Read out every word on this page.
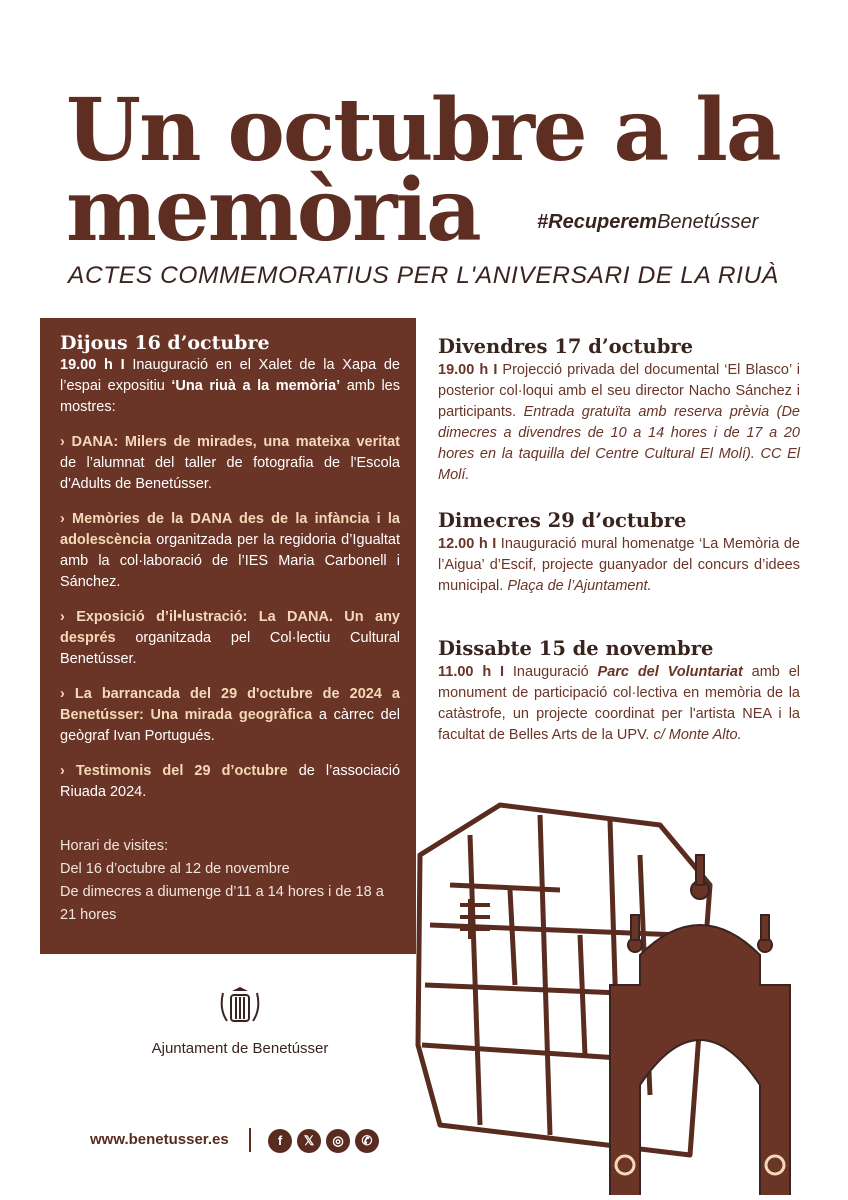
Un octubre a la
memòria	#RecuperemBenetússer
ACTES COMMEMORATIUS PER L'ANIVERSARI DE LA RIUÀ
Dijous 16 d’octubre
19.00 h I Inauguració en el Xalet de la Xapa de l’espai expositiu ‘Una riuà a la memòria’ amb les mostres:
› DANA: Milers de mirades, una mateixa veritat de l’alumnat del taller de fotografia de l'Escola d'Adults de Benetússer.
› Memòries de la DANA des de la infància i la adolescència organitzada per la regidoria d’Igualtat amb la col·laboració de l’IES Maria Carbonell i Sánchez.
› Exposició d’il•lustració: La DANA. Un any després organitzada pel Col·lectiu Cultural Benetússer.
› La barrancada del 29 d'octubre de 2024 a Benetússer: Una mirada geogràfica a càrrec del geògraf Ivan Portugués.
› Testimonis del 29 d’octubre de l’associació Riuada 2024.
Horari de visites:
Del 16 d’octubre al 12 de novembre
De dimecres a diumenge d’11 a 14 hores i de 18 a 21 hores
Divendres 17 d’octubre
19.00 h I Projecció privada del documental ‘El Blasco’ i posterior col·loqui amb el seu director Nacho Sánchez i participants. Entrada gratuïta amb reserva prèvia (De dimecres a divendres de 10 a 14 hores i de 17 a 20 hores en la taquilla del Centre Cultural El Molí). CC El Molí.
Dimecres 29 d’octubre
12.00 h I Inauguració mural homenatge ‘La Memòria de l’Aigua’ d’Escif, projecte guanyador del concurs d’idees municipal. Plaça de l’Ajuntament.
Dissabte 15 de novembre
11.00 h I Inauguració Parc del Voluntariat amb el monument de participació col·lectiva en memòria de la catàstrofe, un projecte coordinat per l'artista NEA i la facultat de Belles Arts de la UPV. c/ Monte Alto.
Ajuntament de Benetússer
www.benetusser.es	f	𝕏	◎	✆
